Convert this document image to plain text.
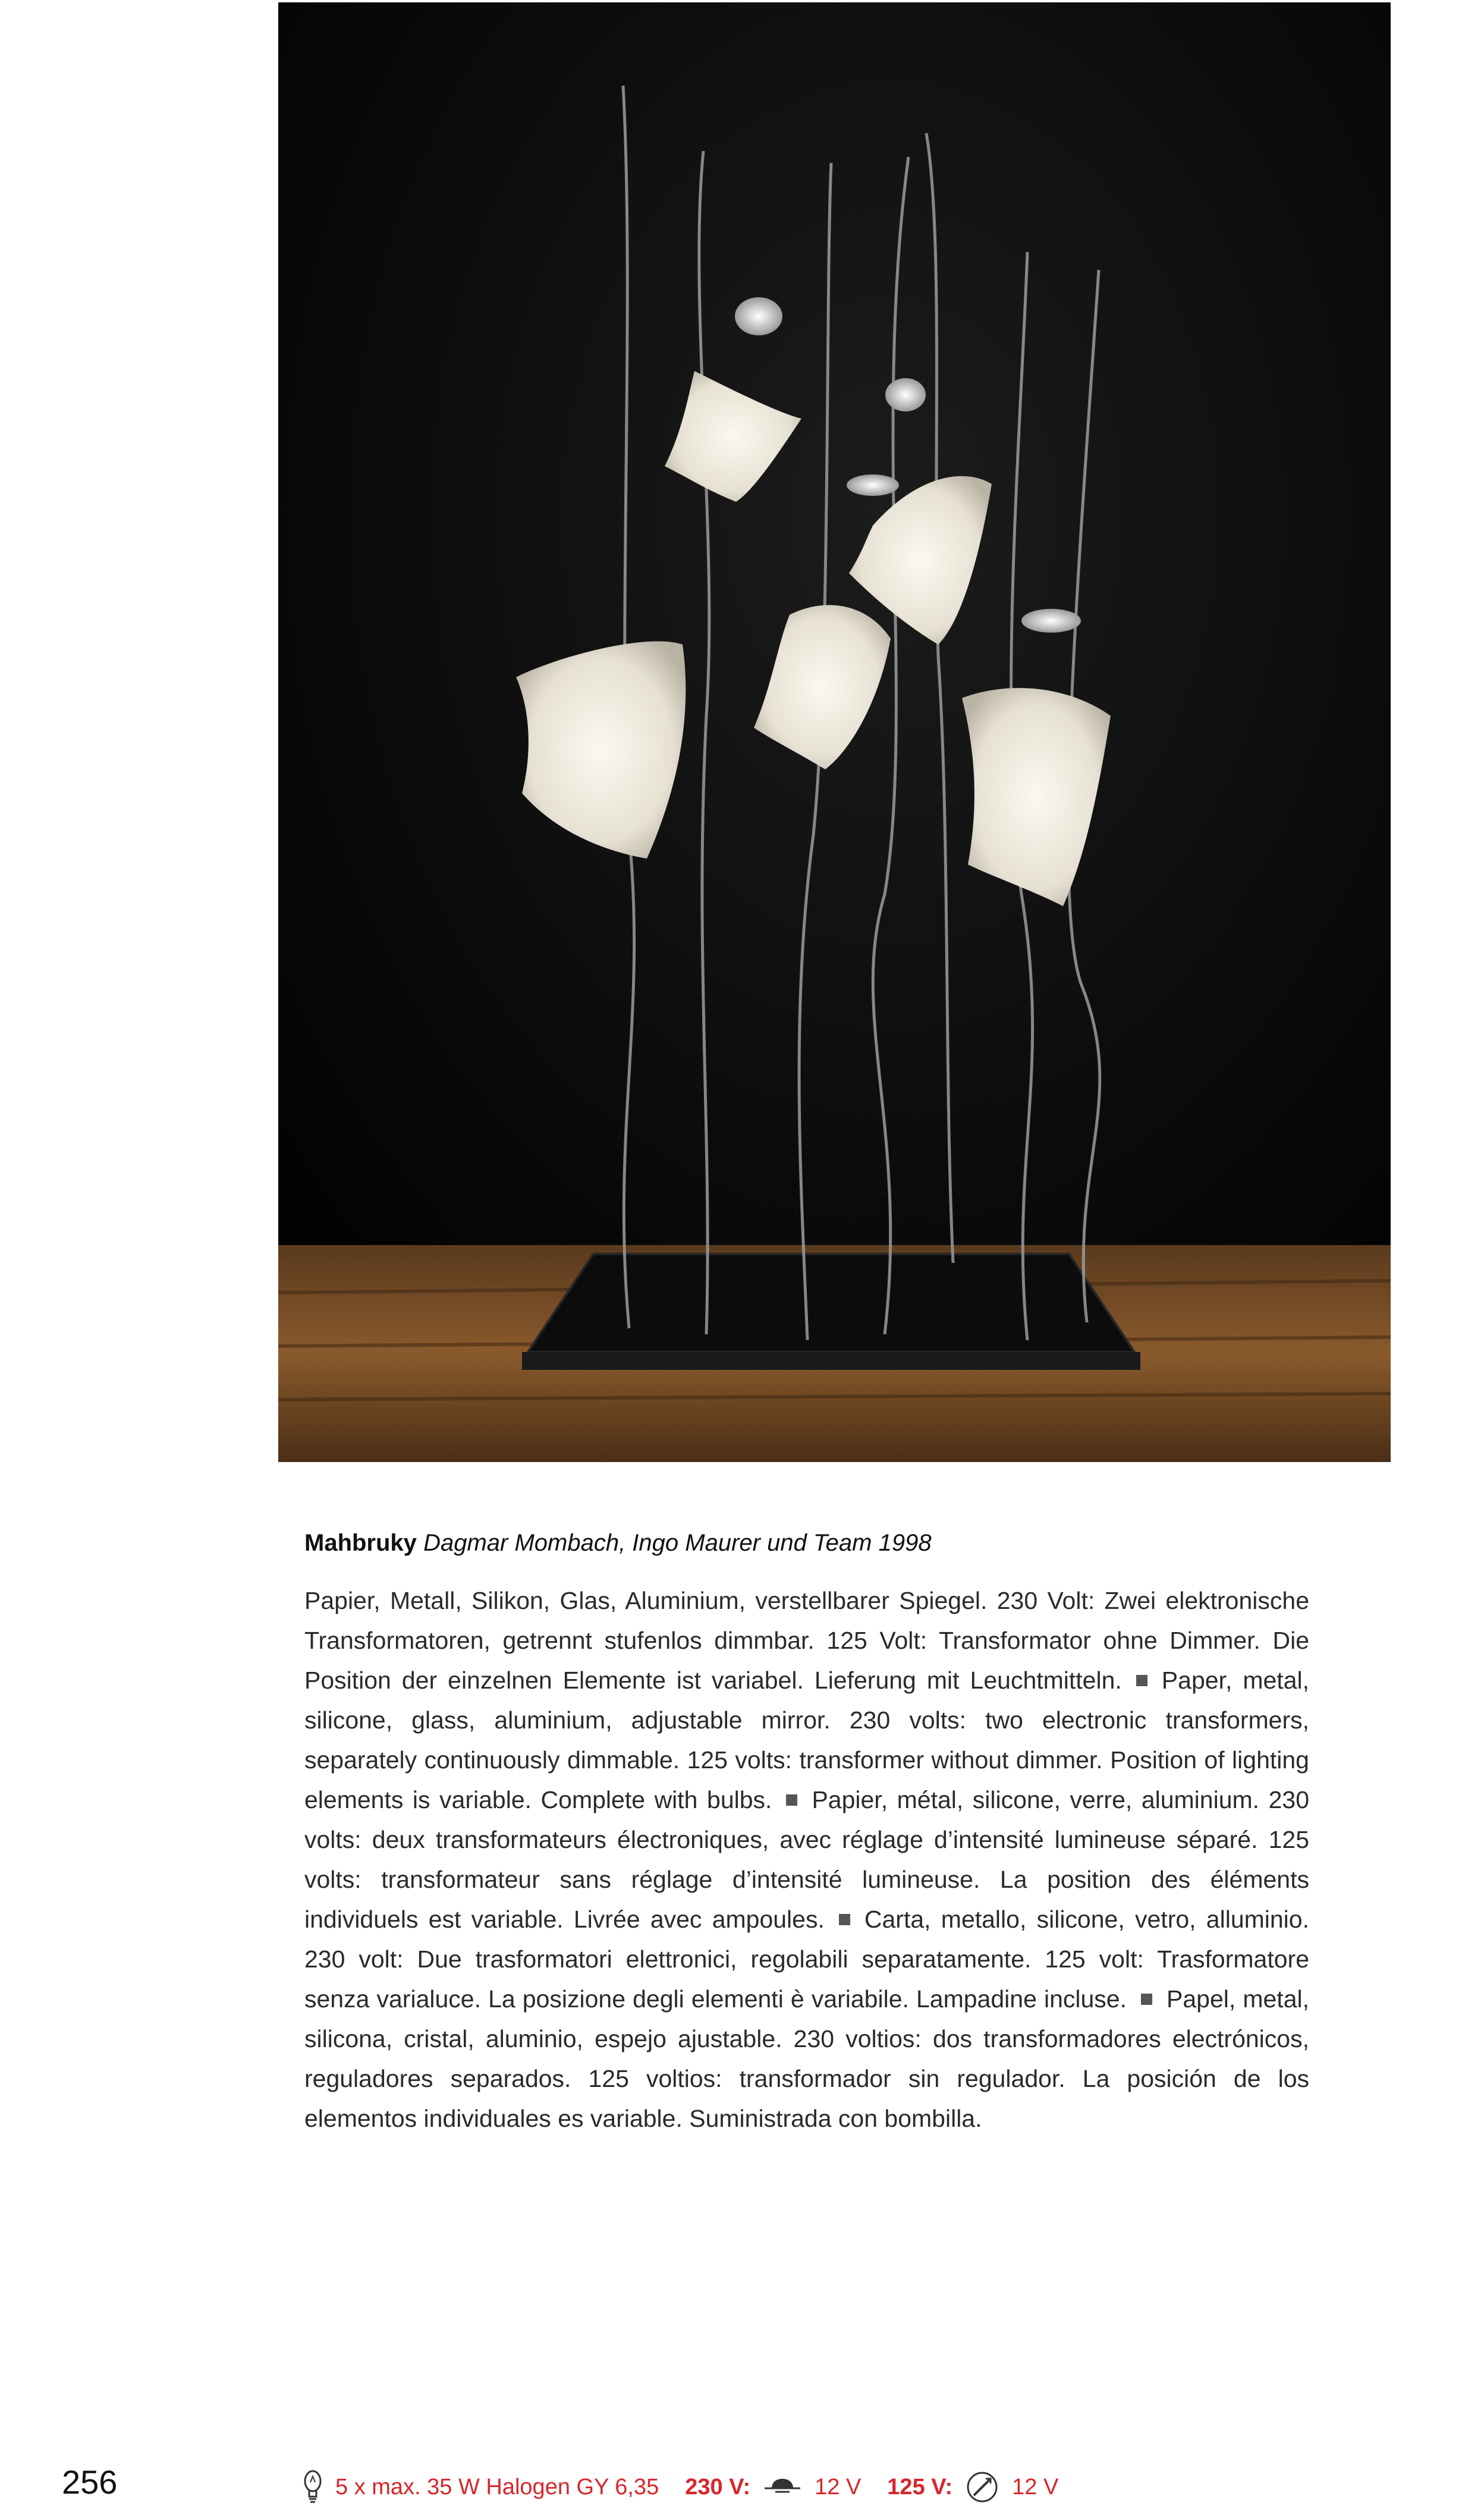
Mahbruky Dagmar Mombach, Ingo Maurer und Team 1998

Papier, Metall, Silikon, Glas, Aluminium, verstellbarer Spiegel. 230 Volt: Zwei elektronische Transformatoren, getrennt stufenlos dimmbar. 125 Volt: Transformator ohne Dimmer. Die Position der einzelnen Elemente ist variabel. Lieferung mit Leuchtmitteln. Paper, metal, silicone, glass, aluminium, adjustable mirror. 230 volts: two electronic transformers, separately continuously dimmable. 125 volts: transformer without dimmer. Position of lighting elements is variable. Complete with bulbs. Papier, métal, silicone, verre, aluminium. 230 volts: deux transformateurs électroniques, avec réglage d’intensité lumineuse séparé. 125 volts: transformateur sans réglage d’intensité lumineuse. La position des éléments individuels est variable. Livrée avec ampoules. Carta, metallo, silicone, vetro, alluminio. 230 volt: Due trasformatori elettronici, regolabili separatamente. 125 volt: Trasformatore senza varialuce. La posizione degli elementi è variabile. Lampadine incluse. Papel, metal, silicona, cristal, aluminio, espejo ajustable. 230 voltios: dos transformadores electrónicos, reguladores separados. 125 voltios: transformador sin regulador. La posición de los elementos individuales es variable. Suministrada con bombilla.

256	5 x max. 35 W Halogen GY 6,35 230 V:	12 V 125 V:	12 V
